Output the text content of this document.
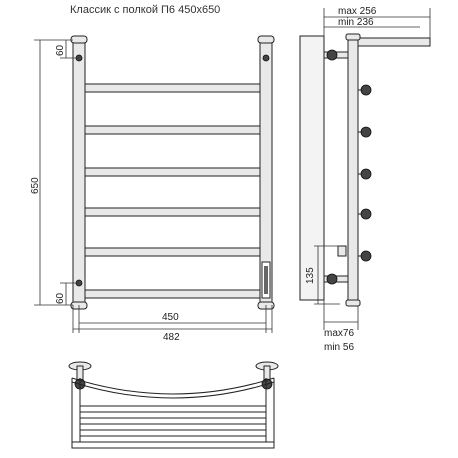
Классик с полкой П6 450х650
60
650
60
450
482
max 256
min 236
135
max76
min 56
